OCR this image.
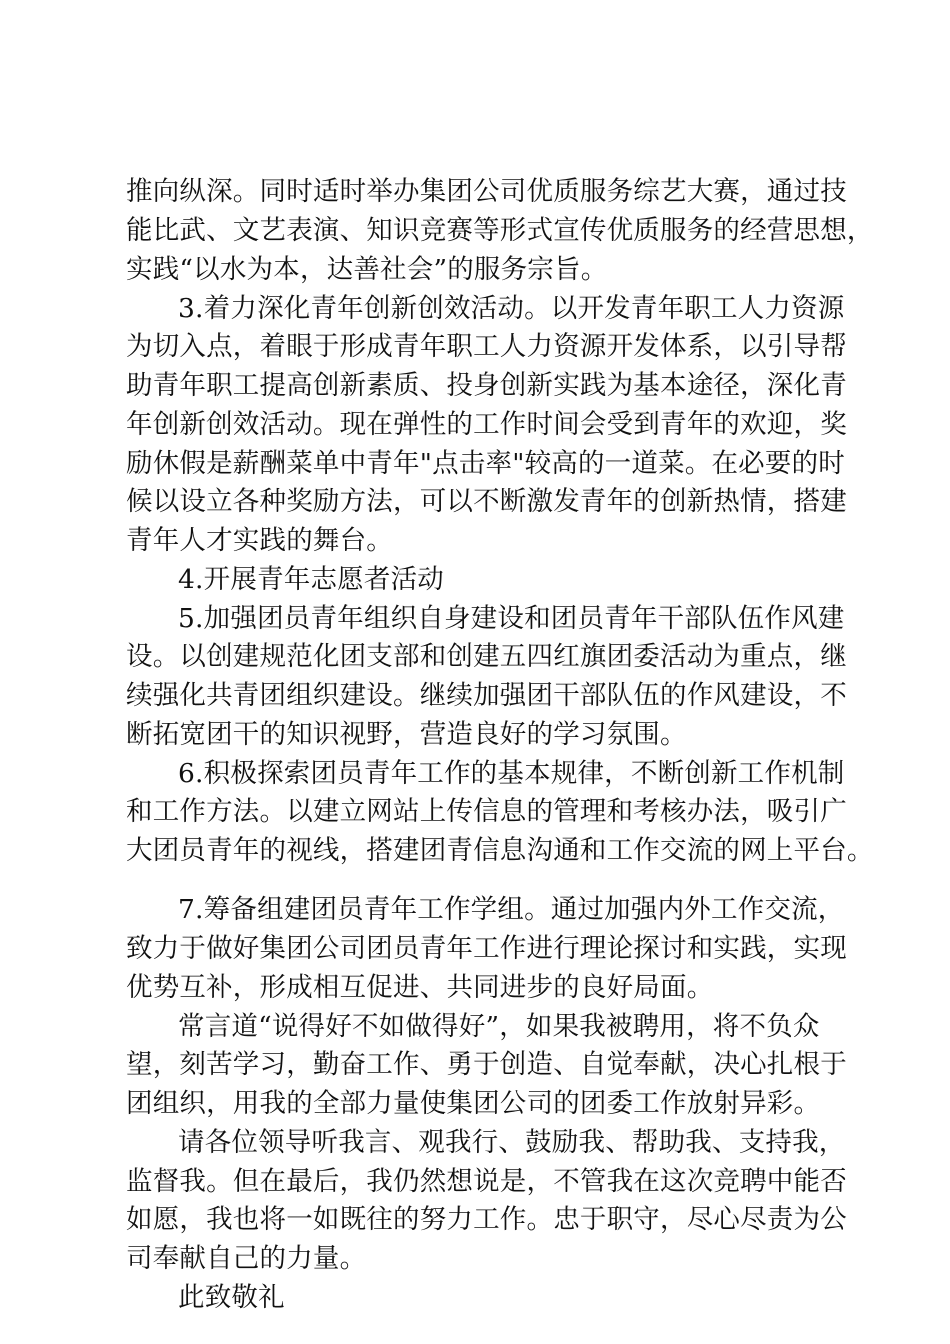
推向纵深。同时适时举办集团公司优质服务综艺大赛，通过技
能比武、文艺表演、知识竞赛等形式宣传优质服务的经营思想，
实践“以水为本，达善社会”的服务宗旨。
3.着力深化青年创新创效活动。以开发青年职工人力资源
为切入点，着眼于形成青年职工人力资源开发体系，以引导帮
助青年职工提高创新素质、投身创新实践为基本途径，深化青
年创新创效活动。现在弹性的工作时间会受到青年的欢迎，奖
励休假是薪酬菜单中青年"点击率"较高的一道菜。在必要的时
候以设立各种奖励方法，可以不断激发青年的创新热情，搭建
青年人才实践的舞台。
4.开展青年志愿者活动
5.加强团员青年组织自身建设和团员青年干部队伍作风建
设。以创建规范化团支部和创建五四红旗团委活动为重点，继
续强化共青团组织建设。继续加强团干部队伍的作风建设，不
断拓宽团干的知识视野，营造良好的学习氛围。
6.积极探索团员青年工作的基本规律，不断创新工作机制
和工作方法。以建立网站上传信息的管理和考核办法，吸引广
大团员青年的视线，搭建团青信息沟通和工作交流的网上平台。
7.筹备组建团员青年工作学组。通过加强内外工作交流，
致力于做好集团公司团员青年工作进行理论探讨和实践，实现
优势互补，形成相互促进、共同进步的良好局面。
常言道“说得好不如做得好”，如果我被聘用，将不负众
望，刻苦学习，勤奋工作、勇于创造、自觉奉献，决心扎根于
团组织，用我的全部力量使集团公司的团委工作放射异彩。
请各位领导听我言、观我行、鼓励我、帮助我、支持我，
监督我。但在最后，我仍然想说是，不管我在这次竞聘中能否
如愿，我也将一如既往的努力工作。忠于职守，尽心尽责为公
司奉献自己的力量。
此致敬礼
